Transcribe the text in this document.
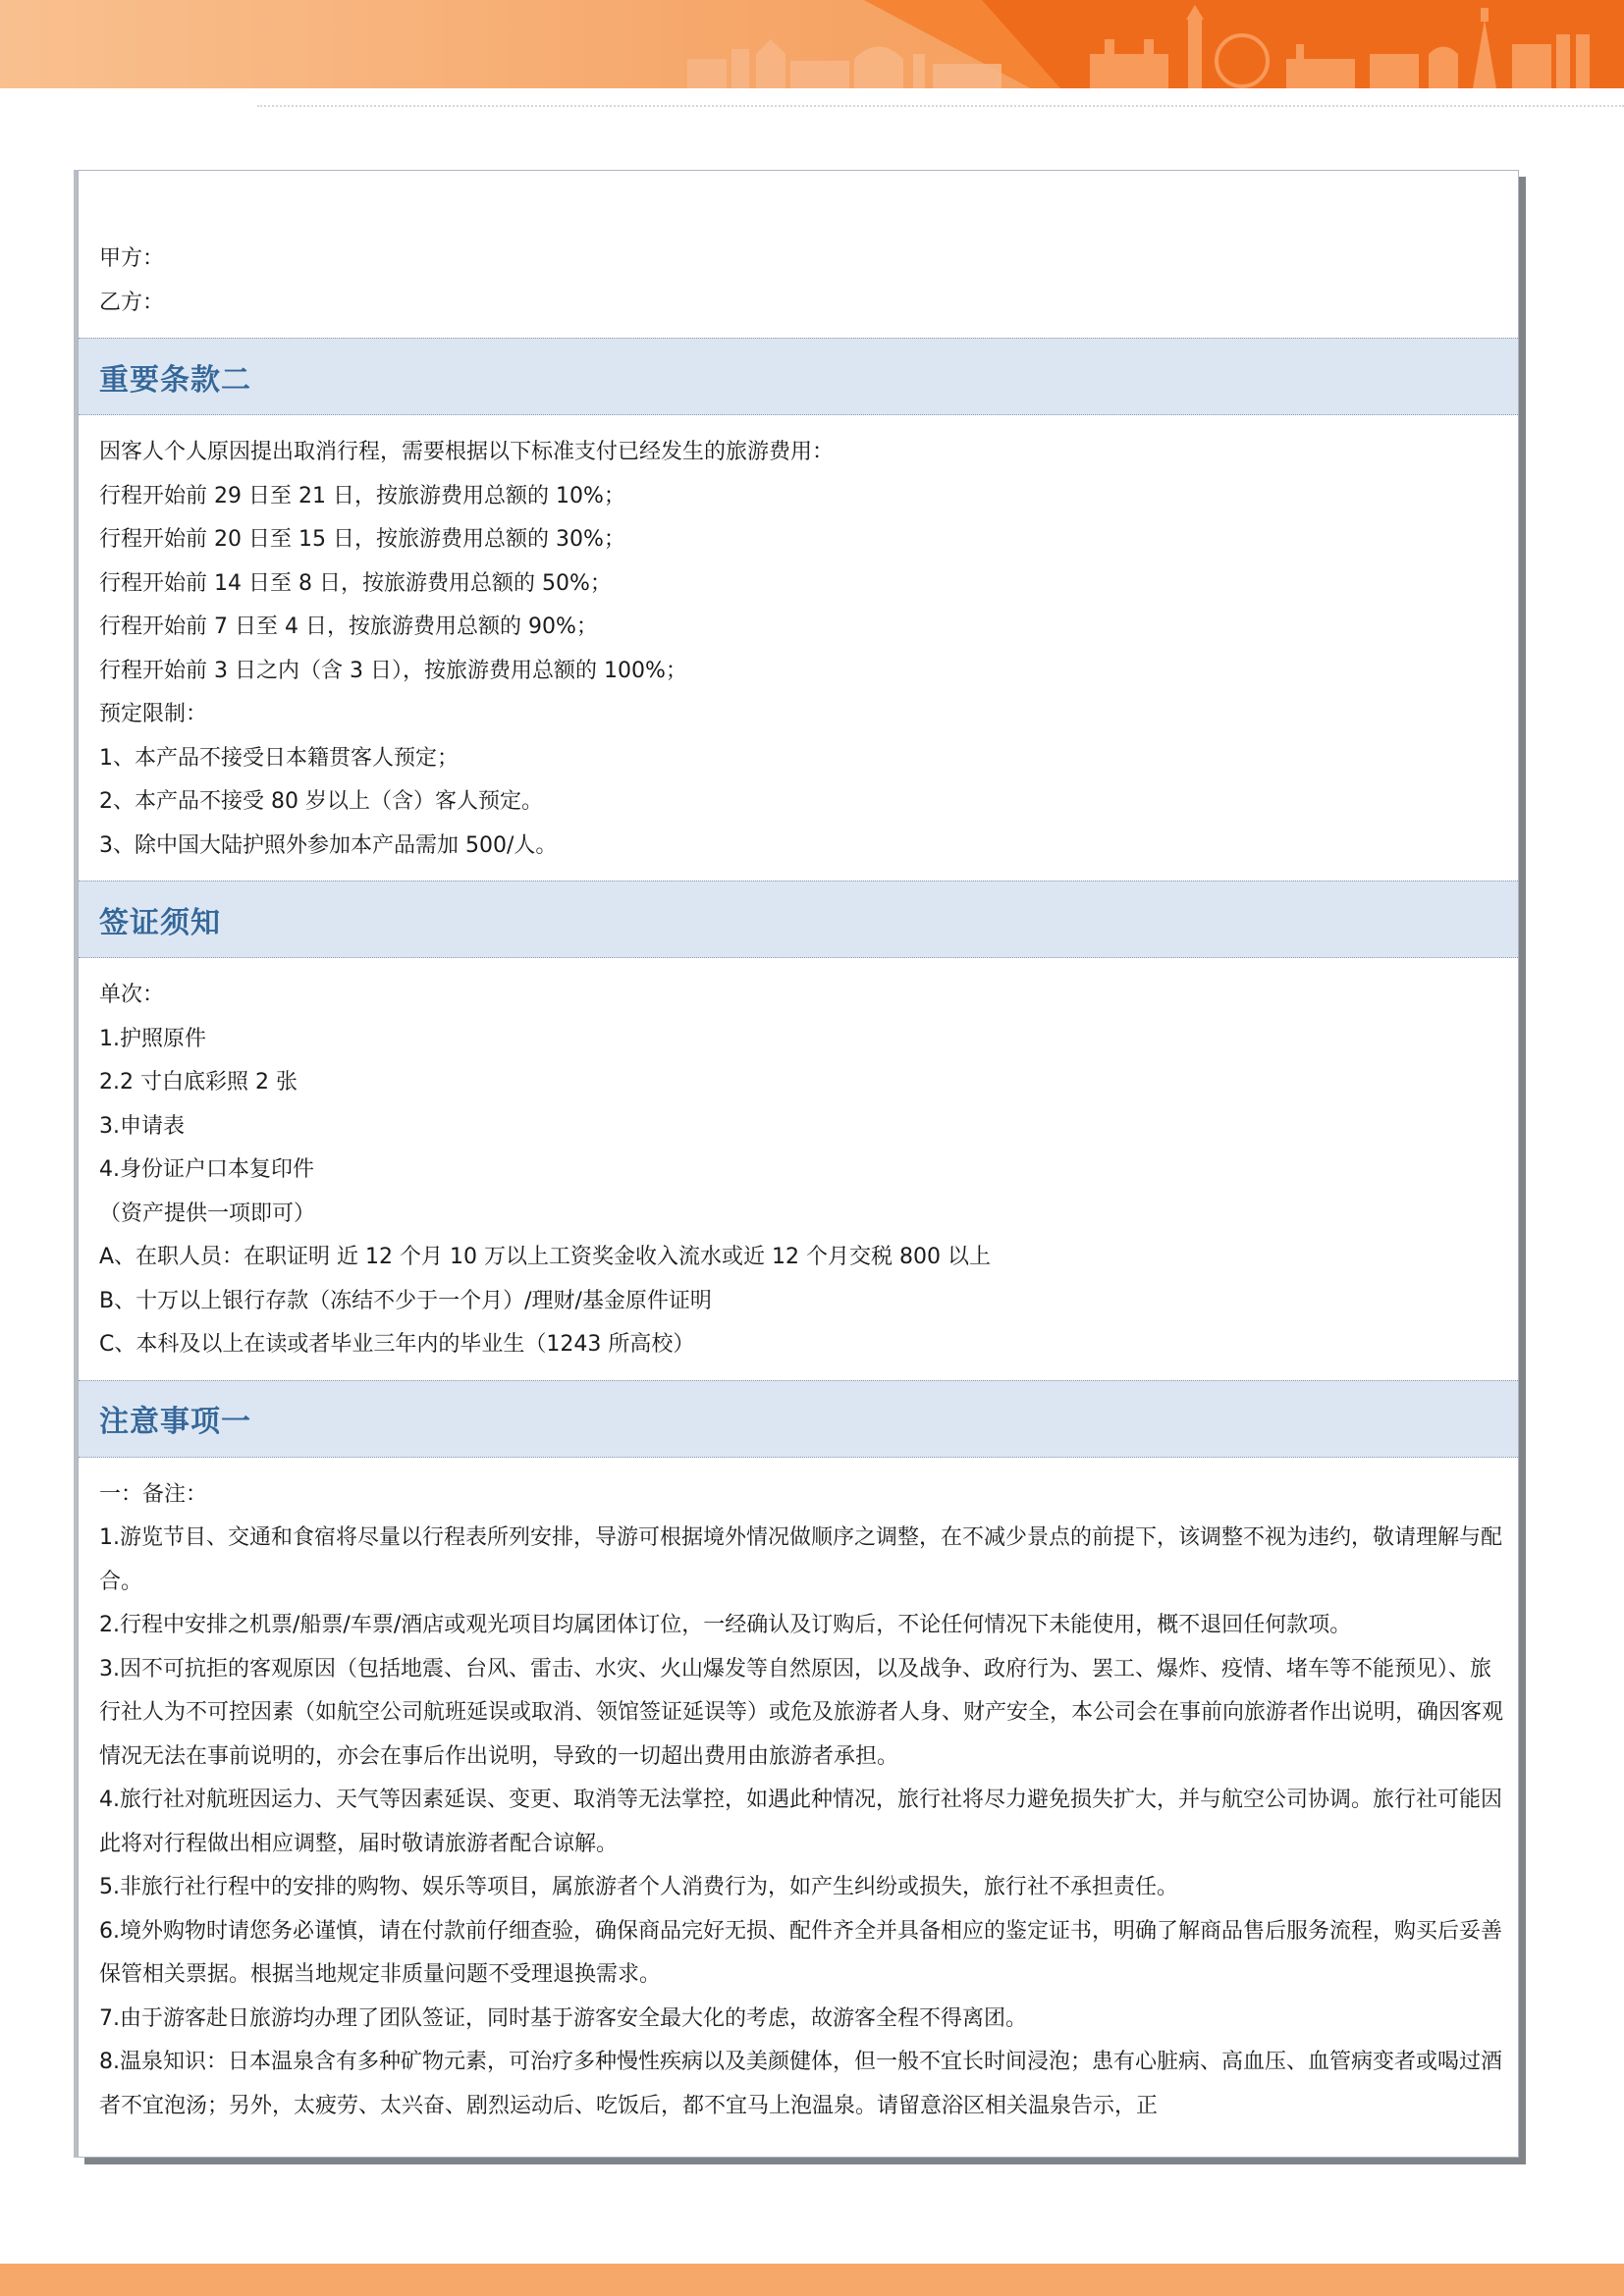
甲方：
乙方：
重要条款二
因客人个人原因提出取消行程，需要根据以下标准支付已经发生的旅游费用：
行程开始前 29 日至 21 日，按旅游费用总额的 10%；
行程开始前 20 日至 15 日，按旅游费用总额的 30%；
行程开始前 14 日至 8 日，按旅游费用总额的 50%；
行程开始前 7 日至 4 日，按旅游费用总额的 90%；
行程开始前 3 日之内（含 3 日），按旅游费用总额的 100%；
预定限制：
1、本产品不接受日本籍贯客人预定；
2、本产品不接受 80 岁以上（含）客人预定。
3、除中国大陆护照外参加本产品需加 500/人。
签证须知
单次：
1.护照原件
2.2 寸白底彩照 2 张
3.申请表
4.身份证户口本复印件
（资产提供一项即可）
A、在职人员：在职证明 近 12 个月 10 万以上工资奖金收入流水或近 12 个月交税 800 以上
B、十万以上银行存款（冻结不少于一个月）/理财/基金原件证明
C、本科及以上在读或者毕业三年内的毕业生（1243 所高校）
注意事项一
一：备注：
1.游览节目、交通和食宿将尽量以行程表所列安排，导游可根据境外情况做顺序之调整，在不减少景点的前提下，该调整不视为违约，敬请理解与配合。
2.行程中安排之机票/船票/车票/酒店或观光项目均属团体订位，一经确认及订购后，不论任何情况下未能使用，概不退回任何款项。
3.因不可抗拒的客观原因（包括地震、台风、雷击、水灾、火山爆发等自然原因，以及战争、政府行为、罢工、爆炸、疫情、堵车等不能预见）、旅行社人为不可控因素（如航空公司航班延误或取消、领馆签证延误等）或危及旅游者人身、财产安全，本公司会在事前向旅游者作出说明，确因客观情况无法在事前说明的，亦会在事后作出说明，导致的一切超出费用由旅游者承担。
4.旅行社对航班因运力、天气等因素延误、变更、取消等无法掌控，如遇此种情况，旅行社将尽力避免损失扩大，并与航空公司协调。旅行社可能因此将对行程做出相应调整，届时敬请旅游者配合谅解。
5.非旅行社行程中的安排的购物、娱乐等项目，属旅游者个人消费行为，如产生纠纷或损失，旅行社不承担责任。
6.境外购物时请您务必谨慎，请在付款前仔细查验，确保商品完好无损、配件齐全并具备相应的鉴定证书，明确了解商品售后服务流程，购买后妥善保管相关票据。根据当地规定非质量问题不受理退换需求。
7.由于游客赴日旅游均办理了团队签证，同时基于游客安全最大化的考虑，故游客全程不得离团。
8.温泉知识：日本温泉含有多种矿物元素，可治疗多种慢性疾病以及美颜健体，但一般不宜长时间浸泡；患有心脏病、高血压、血管病变者或喝过酒者不宜泡汤；另外，太疲劳、太兴奋、剧烈运动后、吃饭后，都不宜马上泡温泉。请留意浴区相关温泉告示，正
